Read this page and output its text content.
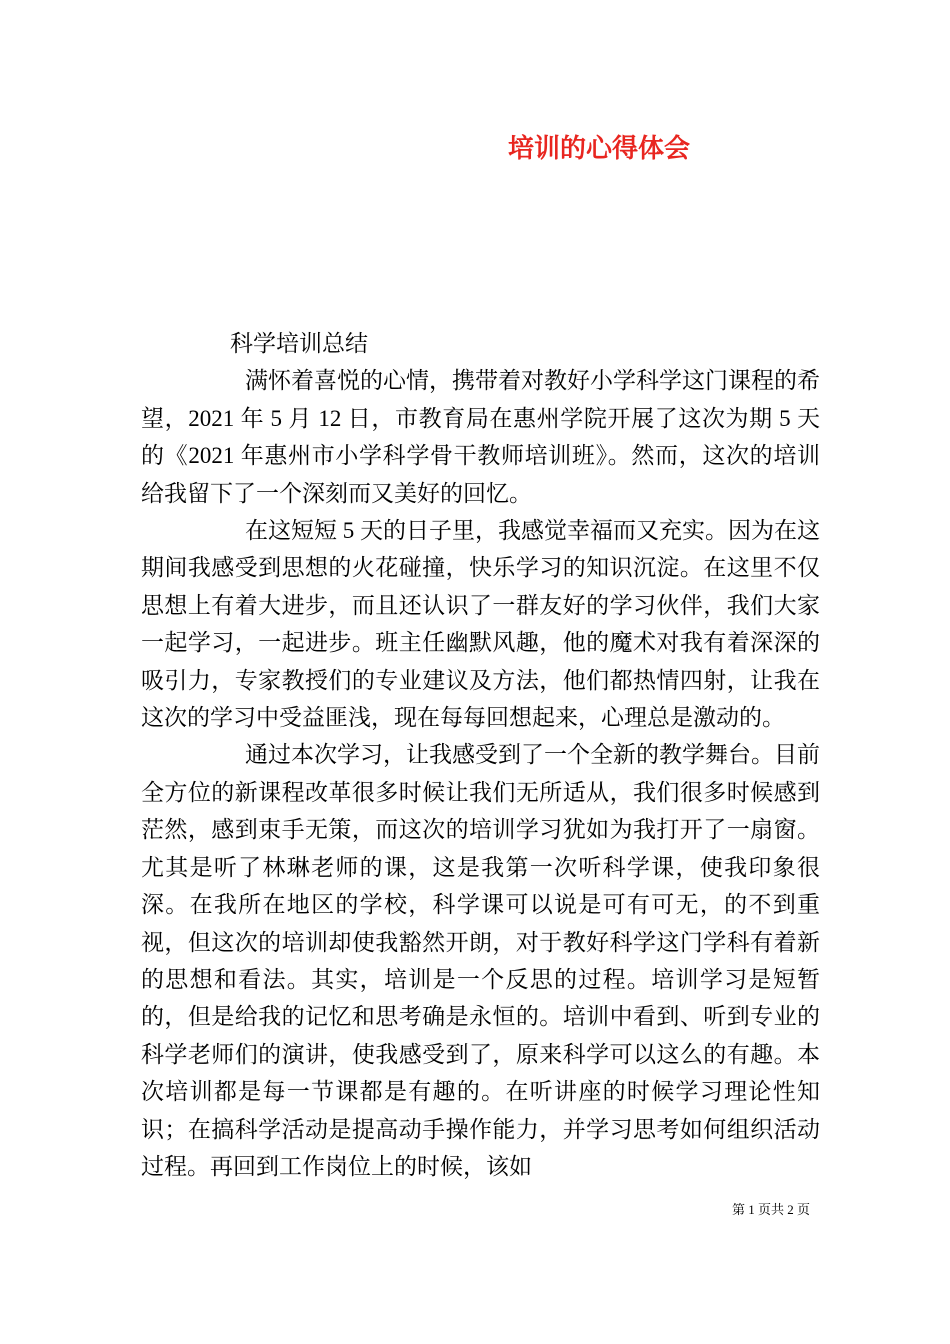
培训的心得体会

科学培训总结

满怀着喜悦的心情，携带着对教好小学科学这门课程的希望，2021 年 5 月 12 日，市教育局在惠州学院开展了这次为期 5 天的《2021 年惠州市小学科学骨干教师培训班》。然而，这次的培训给我留下了一个深刻而又美好的回忆。

在这短短 5 天的日子里，我感觉幸福而又充实。因为在这期间我感受到思想的火花碰撞，快乐学习的知识沉淀。在这里不仅思想上有着大进步，而且还认识了一群友好的学习伙伴，我们大家一起学习，一起进步。班主任幽默风趣，他的魔术对我有着深深的吸引力，专家教授们的专业建议及方法，他们都热情四射，让我在这次的学习中受益匪浅，现在每每回想起来，心理总是激动的。

通过本次学习，让我感受到了一个全新的教学舞台。目前全方位的新课程改革很多时候让我们无所适从，我们很多时候感到茫然，感到束手无策，而这次的培训学习犹如为我打开了一扇窗。尤其是听了林琳老师的课，这是我第一次听科学课，使我印象很深。在我所在地区的学校，科学课可以说是可有可无，的不到重视，但这次的培训却使我豁然开朗，对于教好科学这门学科有着新的思想和看法。其实，培训是一个反思的过程。培训学习是短暂的，但是给我的记忆和思考确是永恒的。培训中看到、听到专业的科学老师们的演讲，使我感受到了，原来科学可以这么的有趣。本次培训都是每一节课都是有趣的。在听讲座的时候学习理论性知识；在搞科学活动是提高动手操作能力，并学习思考如何组织活动过程。再回到工作岗位上的时候，该如

第 1 页共 2 页
